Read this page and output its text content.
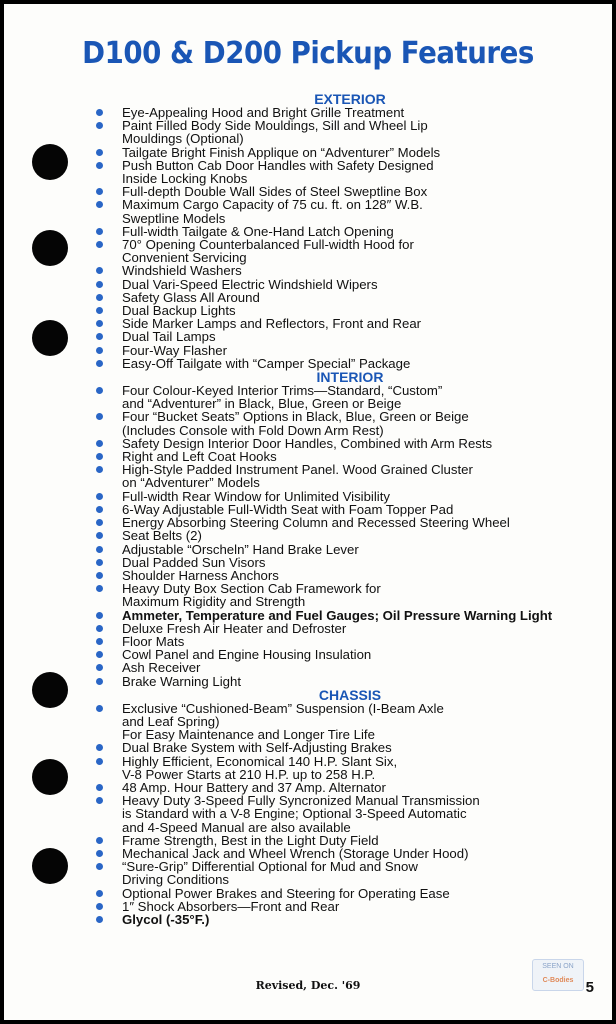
D100 & D200 Pickup Features
EXTERIOR
Eye-Appealing Hood and Bright Grille Treatment
Paint Filled Body Side Mouldings, Sill and Wheel Lip
Mouldings (Optional)
Tailgate Bright Finish Applique on “Adventurer” Models
Push Button Cab Door Handles with Safety Designed
Inside Locking Knobs
Full-depth Double Wall Sides of Steel Sweptline Box
Maximum Cargo Capacity of 75 cu. ft. on 128″ W.B.
Sweptline Models
Full-width Tailgate & One-Hand Latch Opening
70° Opening Counterbalanced Full-width Hood for
Convenient Servicing
Windshield Washers
Dual Vari-Speed Electric Windshield Wipers
Safety Glass All Around
Dual Backup Lights
Side Marker Lamps and Reflectors, Front and Rear
Dual Tail Lamps
Four-Way Flasher
Easy-Off Tailgate with “Camper Special” Package
INTERIOR
Four Colour-Keyed Interior Trims—Standard, “Custom”
and “Adventurer” in Black, Blue, Green or Beige
Four “Bucket Seats” Options in Black, Blue, Green or Beige
(Includes Console with Fold Down Arm Rest)
Safety Design Interior Door Handles, Combined with Arm Rests
Right and Left Coat Hooks
High-Style Padded Instrument Panel. Wood Grained Cluster
on “Adventurer” Models
Full-width Rear Window for Unlimited Visibility
6-Way Adjustable Full-Width Seat with Foam Topper Pad
Energy Absorbing Steering Column and Recessed Steering Wheel
Seat Belts (2)
Adjustable “Orscheln” Hand Brake Lever
Dual Padded Sun Visors
Shoulder Harness Anchors
Heavy Duty Box Section Cab Framework for
Maximum Rigidity and Strength
Ammeter, Temperature and Fuel Gauges; Oil Pressure Warning Light
Deluxe Fresh Air Heater and Defroster
Floor Mats
Cowl Panel and Engine Housing Insulation
Ash Receiver
Brake Warning Light
CHASSIS
Exclusive “Cushioned-Beam” Suspension (I-Beam Axle
and Leaf Spring)
For Easy Maintenance and Longer Tire Life
Dual Brake System with Self-Adjusting Brakes
Highly Efficient, Economical 140 H.P. Slant Six,
V-8 Power Starts at 210 H.P. up to 258 H.P.
48 Amp. Hour Battery and 37 Amp. Alternator
Heavy Duty 3-Speed Fully Syncronized Manual Transmission
is Standard with a V-8 Engine; Optional 3-Speed Automatic
and 4-Speed Manual are also available
Frame Strength, Best in the Light Duty Field
Mechanical Jack and Wheel Wrench (Storage Under Hood)
“Sure-Grip” Differential Optional for Mud and Snow
Driving Conditions
Optional Power Brakes and Steering for Operating Ease
1″ Shock Absorbers—Front and Rear
Glycol (-35°F.)
SEEN ON
C-Bodies
Revised, Dec. '69	5
